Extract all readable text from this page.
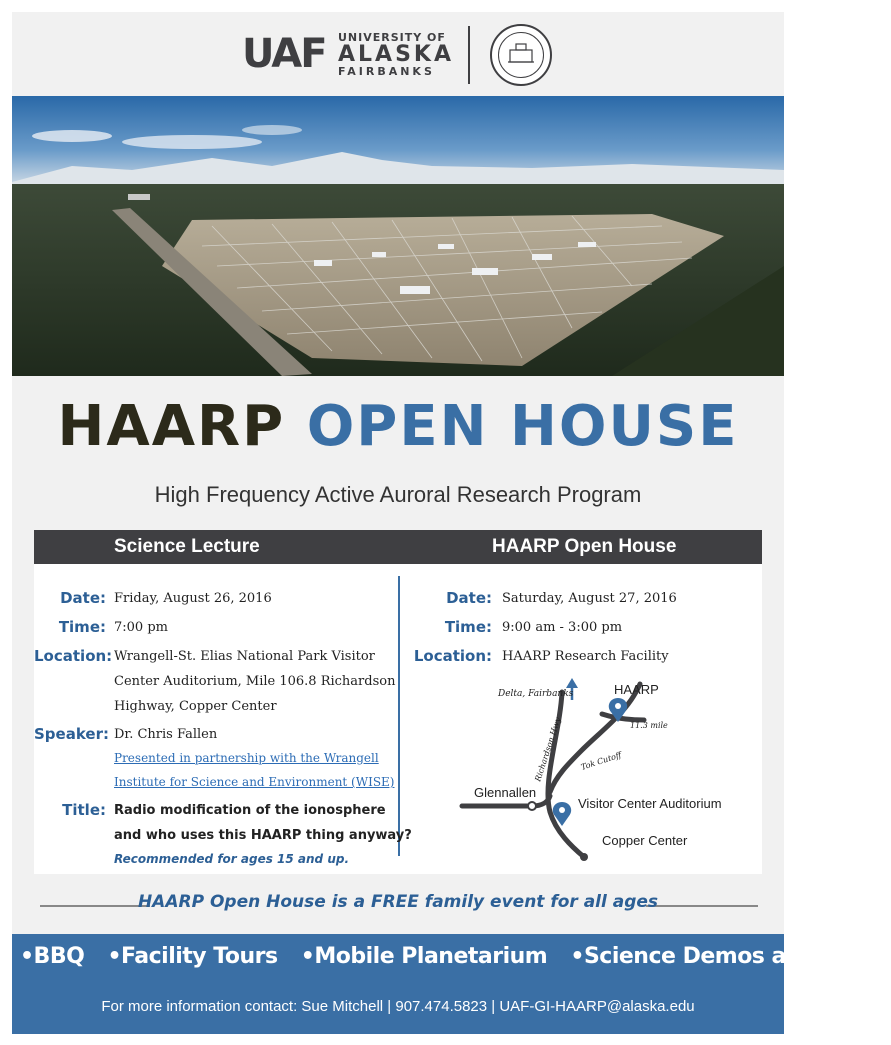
UAF UNIVERSITY OF
ALASKA
FAIRBANKS
HAARP OPEN HOUSE
High Frequency Active Auroral Research Program
Science Lecture	HAARP Open House
Date: Friday, August 26, 2016
Time: 7:00 pm
Location: Wrangell-St. Elias National Park Visitor
Center Auditorium, Mile 106.8 Richardson
Highway, Copper Center
Speaker: Dr. Chris Fallen
Presented in partnership with the Wrangell
Institute for Science and Environment (WISE)
Title: Radio modification of the ionosphere
and who uses this HAARP thing anyway?
Recommended for ages 15 and up.
Date: Saturday, August 27, 2016
Time: 9:00 am - 3:00 pm
Location: HAARP Research Facility
Delta, Fairbanks	HAARP
11.3 mile
Richardson Hwy Tok Cutoff
Glennallen
Visitor Center Auditorium
Copper Center
HAARP Open House is a FREE family event for all ages
•BBQ •Facility Tours •Mobile Planetarium •Science Demos and Talks
For more information contact: Sue Mitchell | 907.474.5823 | UAF-GI-HAARP@alaska.edu
